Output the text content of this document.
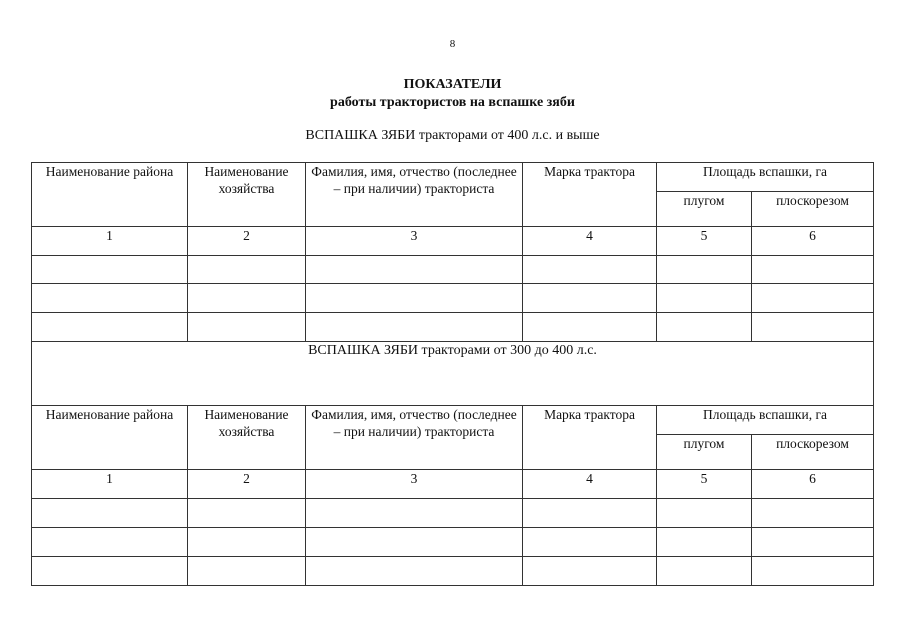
8
ПОКАЗАТЕЛИ
работы трактористов на вспашке зяби
ВСПАШКА ЗЯБИ тракторами от 400 л.с. и выше
Наименование района	Наименование хозяйства	Фамилия, имя, отчество (последнее – при наличии) тракториста	Марка трактора	Площадь вспашки, га	
				плугом	плоскорезом
1	2	3	4	5	6

ВСПАШКА ЗЯБИ тракторами от 300 до 400 л.с.					
Наименование района	Наименование хозяйства	Фамилия, имя, отчество (последнее – при наличии) тракториста	Марка трактора	Площадь вспашки, га	
				плугом	плоскорезом
1	2	3	4	5	6
